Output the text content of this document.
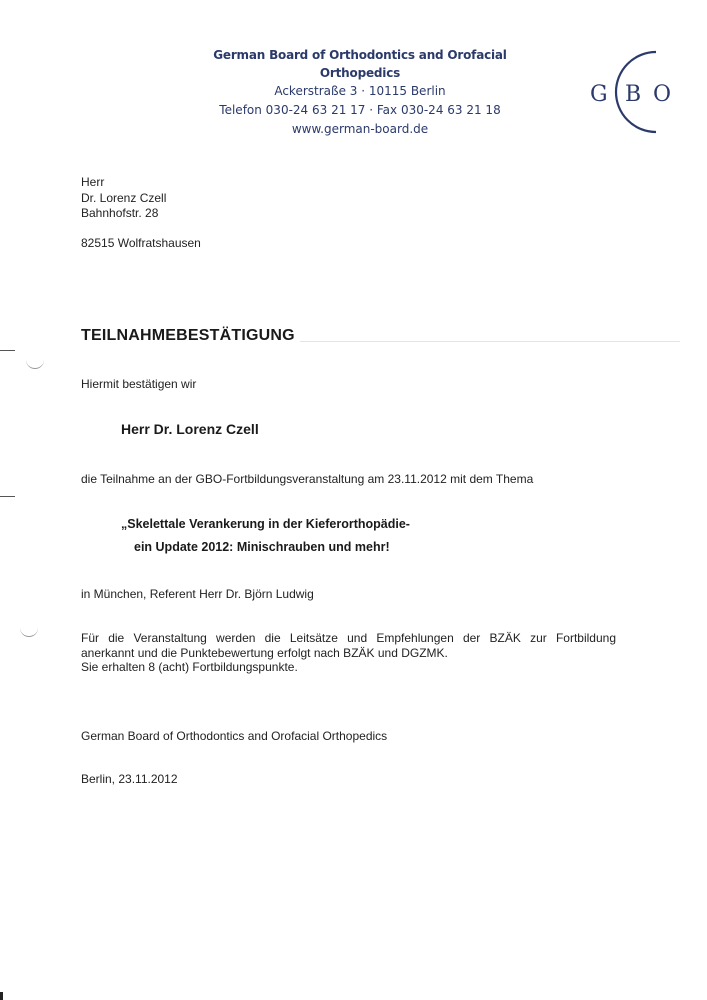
German Board of Orthodontics and Orofacial Orthopedics
Ackerstraße 3 · 10115 Berlin
Telefon 030-24 63 21 17 · Fax 030-24 63 21 18
www.german-board.de
G B O
Herr
Dr. Lorenz Czell
Bahnhofstr. 28
82515 Wolfratshausen
TEILNAHMEBESTÄTIGUNG
Hiermit bestätigen wir
Herr Dr. Lorenz Czell
die Teilnahme an der GBO-Fortbildungsveranstaltung am 23.11.2012 mit dem Thema
„Skelettale Verankerung in der Kieferorthopädie-
ein Update 2012: Minischrauben und mehr!
in München, Referent Herr Dr. Björn Ludwig
Für die Veranstaltung werden die Leitsätze und Empfehlungen der BZÄK zur Fortbildung
anerkannt und die Punktebewertung erfolgt nach BZÄK und DGZMK.
Sie erhalten 8 (acht) Fortbildungspunkte.
German Board of Orthodontics and Orofacial Orthopedics
Berlin, 23.11.2012
